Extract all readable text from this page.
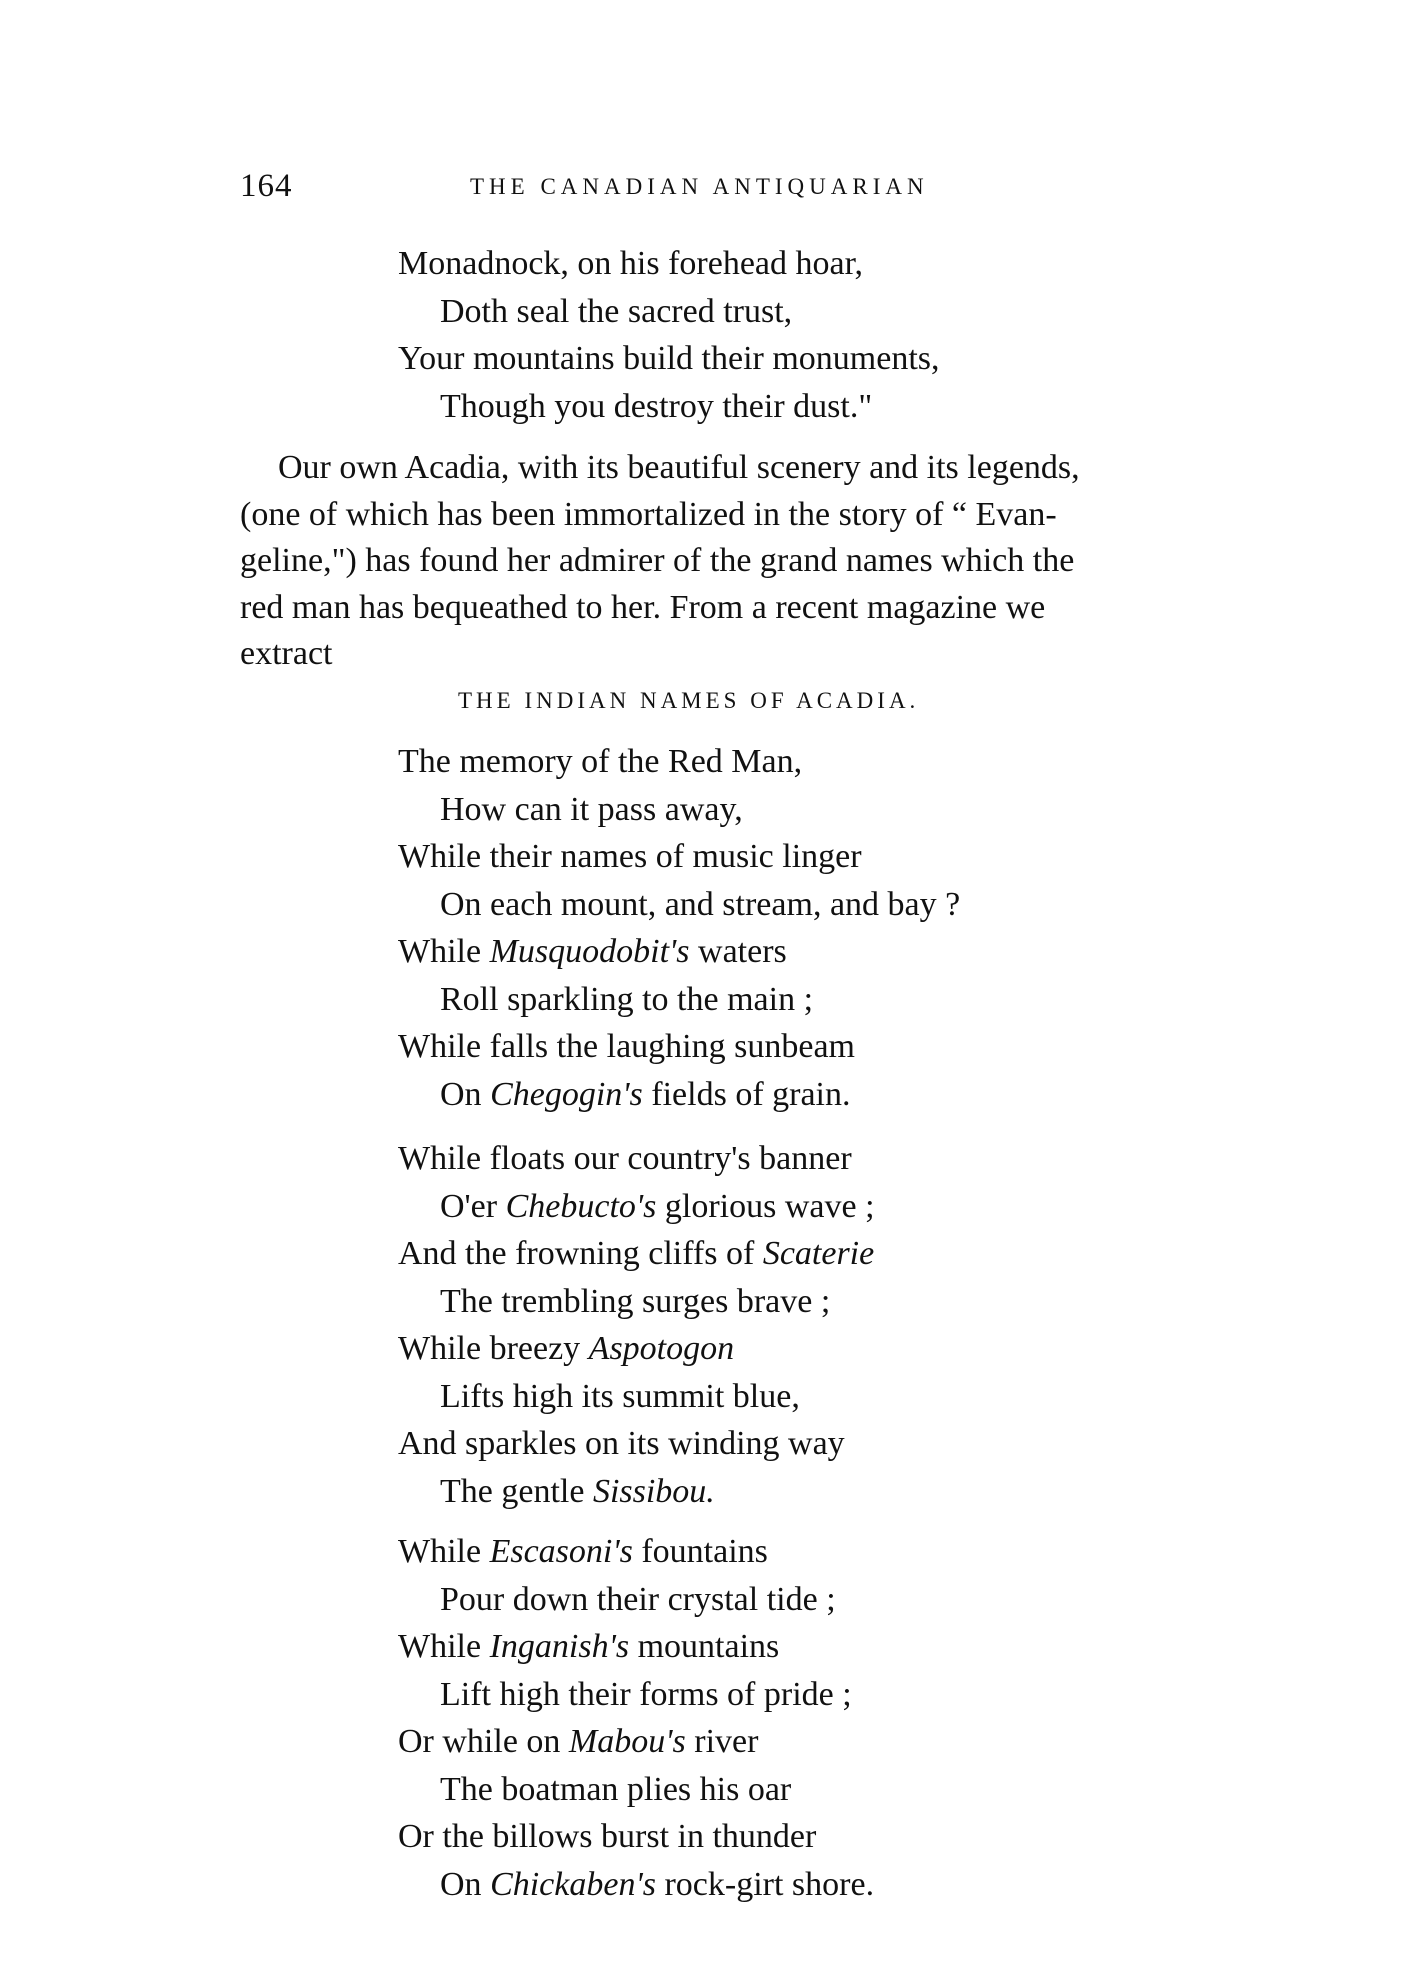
164	THE CANADIAN ANTIQUARIAN
Monadnock, on his forehead hoar,
Doth seal the sacred trust,
Your mountains build their monuments,
Though you destroy their dust."
Our own Acadia, with its beautiful scenery and its legends,
(one of which has been immortalized in the story of “ Evan-
geline,") has found her admirer of the grand names which the
red man has bequeathed to her. From a recent magazine we
extract
THE INDIAN NAMES OF ACADIA.
The memory of the Red Man,
How can it pass away,
While their names of music linger
On each mount, and stream, and bay ?
While Musquodobit's waters
Roll sparkling to the main ;
While falls the laughing sunbeam
On Chegogin's fields of grain.
While floats our country's banner
O'er Chebucto's glorious wave ;
And the frowning cliffs of Scaterie
The trembling surges brave ;
While breezy Aspotogon
Lifts high its summit blue,
And sparkles on its winding way
The gentle Sissibou.
While Escasoni's fountains
Pour down their crystal tide ;
While Inganish's mountains
Lift high their forms of pride ;
Or while on Mabou's river
The boatman plies his oar
Or the billows burst in thunder
On Chickaben's rock-girt shore.
